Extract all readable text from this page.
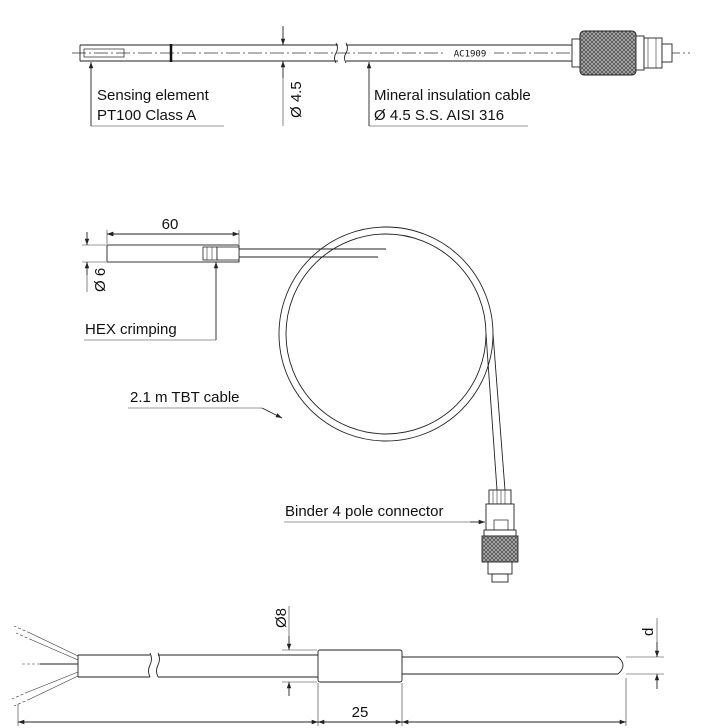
AC1909
Ø 4.5
Sensing element
PT100 Class A
Mineral insulation cable
Ø 4.5 S.S. AISI 316
60
Ø 6
HEX crimping
2.1 m TBT cable
Binder 4 pole connector
Ø8
d
25
